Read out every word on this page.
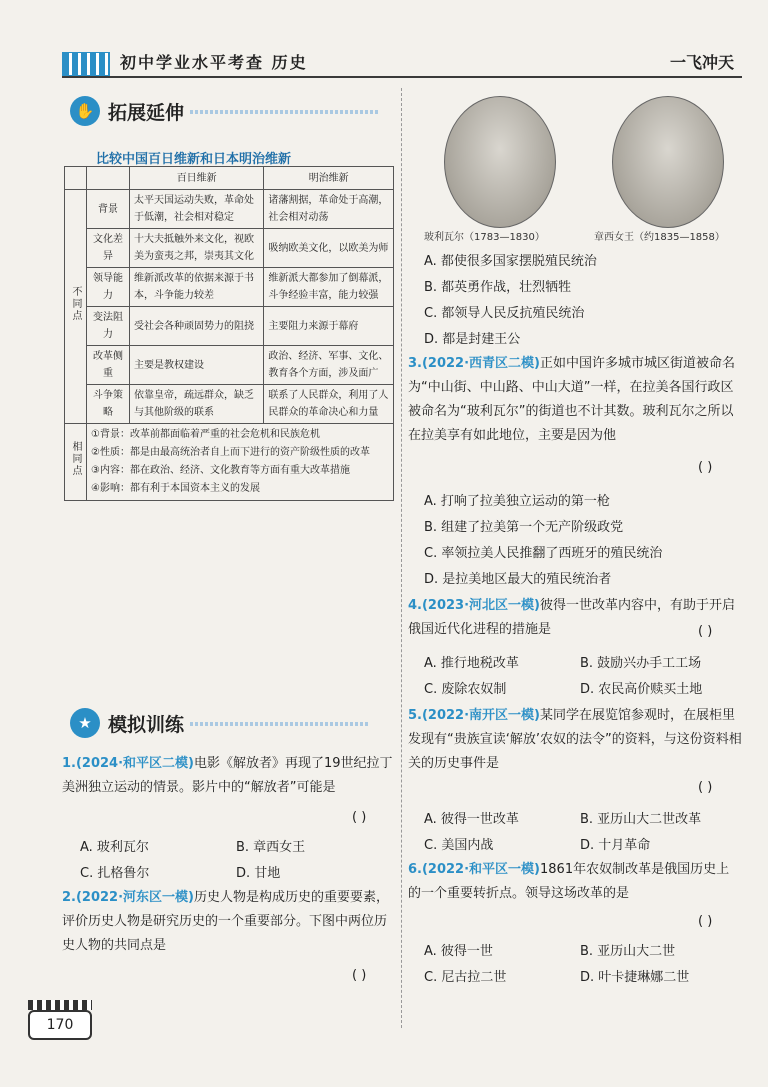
初中学业水平考查 历史	一飞冲天
✋ 拓展延伸
比较中国百日维新和日本明治维新
		百日维新	明治维新
不同点	背景	太平天国运动失败，革命处于低潮，社会相对稳定	诸藩割据，革命处于高潮，社会相对动荡
	文化差异	十大夫抵触外来文化，视欧美为蛮夷之邦，崇夷其文化	吸纳欧美文化，以欧美为师
	领导能力	维新派改革的依据来源于书本，斗争能力较差	维新派大都参加了倒幕派，斗争经验丰富，能力较强
	变法阻力	受社会各种顽固势力的阻挠	主要阻力来源于幕府
	改革侧重	主要是教权建设	政治、经济、军事、文化、教育各个方面，涉及面广
	斗争策略	依靠皇帝，疏远群众，缺乏与其他阶级的联系	联系了人民群众，利用了人民群众的革命决心和力量
相同点	①背景：改革前都面临着严重的社会危机和民族危机
②性质：都是由最高统治者自上而下进行的资产阶级性质的改革
③内容：都在政治、经济、文化教育等方面有重大改革措施
④影响：都有利于本国资本主义的发展		
★ 模拟训练
1.(2024·和平区二模)电影《解放者》再现了19世纪拉丁美洲独立运动的情景。影片中的“解放者”可能是
( )
A. 玻利瓦尔	B. 章西女王
C. 扎格鲁尔	D. 甘地
2.(2022·河东区一模)历史人物是构成历史的重要要素，评价历史人物是研究历史的一个重要部分。下图中两位历史人物的共同点是
( )
玻利瓦尔（1783—1830）	章西女王（约1835—1858）
A. 都使很多国家摆脱殖民统治
B. 都英勇作战，壮烈牺牲
C. 都领导人民反抗殖民统治
D. 都是封建王公
3.(2022·西青区二模)正如中国许多城市城区街道被命名为“中山街、中山路、中山大道”一样，在拉美各国行政区被命名为“玻利瓦尔”的街道也不计其数。玻利瓦尔之所以在拉美享有如此地位，主要是因为他
( )
A. 打响了拉美独立运动的第一枪
B. 组建了拉美第一个无产阶级政党
C. 率领拉美人民推翻了西班牙的殖民统治
D. 是拉美地区最大的殖民统治者
4.(2023·河北区一模)彼得一世改革内容中，有助于开启俄国近代化进程的措施是	( )
A. 推行地税改革	B. 鼓励兴办手工工场
C. 废除农奴制	D. 农民高价赎买土地
5.(2022·南开区一模)某同学在展览馆参观时，在展柜里发现有“贵族宣读‘解放’农奴的法令”的资料，与这份资料相关的历史事件是
( )
A. 彼得一世改革	B. 亚历山大二世改革
C. 美国内战	D. 十月革命
6.(2022·和平区一模)1861年农奴制改革是俄国历史上的一个重要转折点。领导这场改革的是
( )
A. 彼得一世	B. 亚历山大二世
C. 尼古拉二世	D. 叶卡捷琳娜二世
170
